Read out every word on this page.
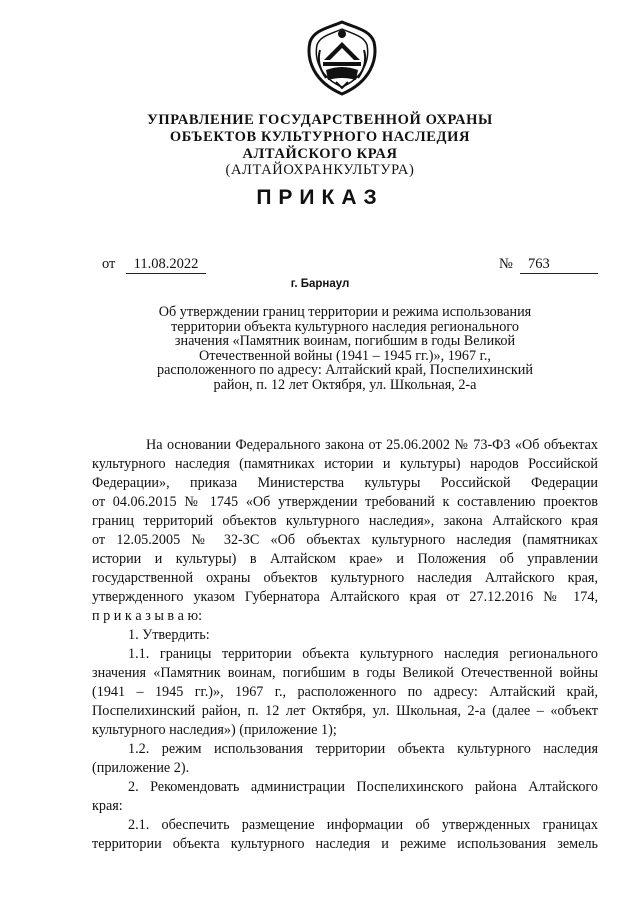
УПРАВЛЕНИЕ ГОСУДАРСТВЕННОЙ ОХРАНЫ
ОБЪЕКТОВ КУЛЬТУРНОГО НАСЛЕДИЯ
АЛТАЙСКОГО КРАЯ
(АЛТАЙОХРАНКУЛЬТУРА)
ПРИКАЗ
от	11.08.2022	№	763
г. Барнаул
Об утверждении границ территории и режима использования
территории объекта культурного наследия регионального
значения «Памятник воинам, погибшим в годы Великой
Отечественной войны (1941 – 1945 гг.)», 1967 г.,
расположенного по адресу: Алтайский край, Поспелихинский
район, п. 12 лет Октября, ул. Школьная, 2-а
На основании Федерального закона от 25.06.2002 № 73-ФЗ «Об объектах
культурного наследия (памятниках истории и культуры) народов Российской
Федерации», приказа Министерства культуры Российской Федерации
от 04.06.2015 № 1745 «Об утверждении требований к составлению проектов
границ территорий объектов культурного наследия», закона Алтайского края
от 12.05.2005 № 32-ЗС «Об объектах культурного наследия (памятниках
истории и культуры) в Алтайском крае» и Положения об управлении
государственной охраны объектов культурного наследия Алтайского края,
утвержденного указом Губернатора Алтайского края от 27.12.2016 № 174,
п р и к а з ы в а ю:
1. Утвердить:
1.1. границы территории объекта культурного наследия регионального
значения «Памятник воинам, погибшим в годы Великой Отечественной войны
(1941 – 1945 гг.)», 1967 г., расположенного по адресу: Алтайский край,
Поспелихинский район, п. 12 лет Октября, ул. Школьная, 2-а (далее – «объект
культурного наследия») (приложение 1);
1.2. режим использования территории объекта культурного наследия
(приложение 2).
2. Рекомендовать администрации Поспелихинского района Алтайского
края:
2.1. обеспечить размещение информации об утвержденных границах
территории объекта культурного наследия и режиме использования земель
